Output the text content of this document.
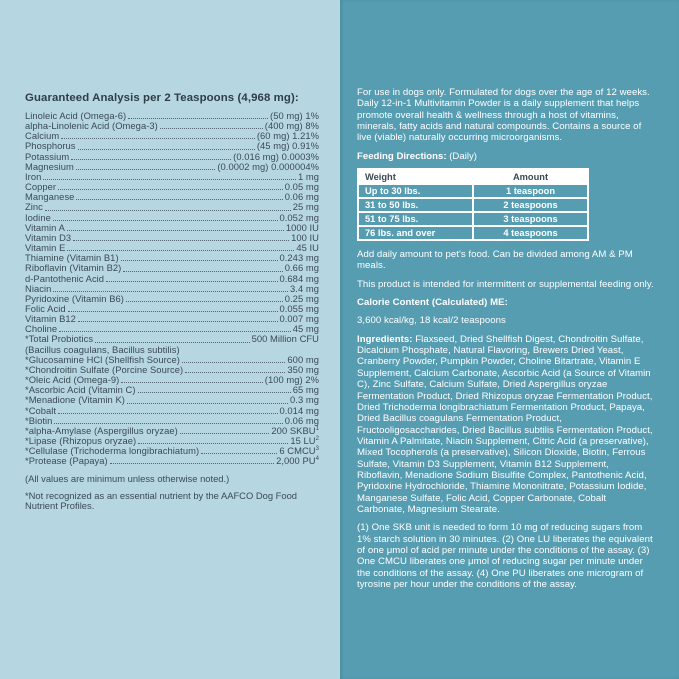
Guaranteed Analysis per 2 Teaspoons (4,968 mg):
Linoleic Acid (Omega-6)	(50 mg) 1%
alpha-Linolenic Acid (Omega-3)	(400 mg) 8%
Calcium	(60 mg) 1.21%
Phosphorus	(45 mg) 0.91%
Potassium	(0.016 mg) 0.0003%
Magnesium	(0.0002 mg) 0.000004%
Iron	1 mg
Copper	0.05 mg
Manganese	0.06 mg
Zinc	25 mg
Iodine	0.052 mg
Vitamin A	1000 IU
Vitamin D3	100 IU
Vitamin E	45 IU
Thiamine (Vitamin B1)	0.243 mg
Riboflavin (Vitamin B2)	0.66 mg
d-Pantothenic Acid	0.684 mg
Niacin	3.4 mg
Pyridoxine (Vitamin B6)	0.25 mg
Folic Acid	0.055 mg
Vitamin B12	0.007 mg
Choline	45 mg
*Total Probiotics	500 Million CFU
(Bacillus coagulans, Bacillus subtilis)
*Glucosamine HCl (Shellfish Source)	600 mg
*Chondroitin Sulfate (Porcine Source)	350 mg
*Oleic Acid (Omega-9)	(100 mg) 2%
*Ascorbic Acid (Vitamin C)	65 mg
*Menadione (Vitamin K)	0.3 mg
*Cobalt	0.014 mg
*Biotin	0.06 mg
*alpha-Amylase (Aspergillus oryzae)	200 SKBU$^1$
*Lipase (Rhizopus oryzae)	15 $LU^2$
*Cellulase (Trichoderma longibrachiatum)	6 CMCU$^3$
*Protease (Papaya)	2,000 $PU^4$
(All values are minimum unless otherwise noted.)
*Not recognized as an essential nutrient by the AAFCO Dog Food Nutrient Profiles.

For use in dogs only. Formulated for dogs over the age of 12 weeks. Daily 12-in-1 Multivitamin Powder is a daily supplement that helps promote overall health & wellness through a host of vitamins, minerals, fatty acids and natural compounds. Contains a source of live (viable) naturally occurring microorganisms.

Feeding Directions: (Daily)
Weight	Amount
Up to 30 lbs.	1 teaspoon
31 to 50 lbs.	2 teaspoons
51 to 75 lbs.	3 teaspoons
76 lbs. and over	4 teaspoons

Add daily amount to pet's food. Can be divided among AM & PM meals.

This product is intended for intermittent or supplemental feeding only.

Calorie Content (Calculated) ME:

3,600 kcal/kg, 18 kcal/2 teaspoons

Ingredients: Flaxseed, Dried Shellfish Digest, Chondroitin Sulfate, Dicalcium Phosphate, Natural Flavoring, Brewers Dried Yeast, Cranberry Powder, Pumpkin Powder, Choline Bitartrate, Vitamin E Supplement, Calcium Carbonate, Ascorbic Acid (a Source of Vitamin C), Zinc Sulfate, Calcium Sulfate, Dried Aspergillus oryzae Fermentation Product, Dried Rhizopus oryzae Fermentation Product, Dried Trichoderma longibrachiatum Fermentation Product, Papaya, Dried Bacillus coagulans Fermentation Product, Fructooligosaccharides, Dried Bacillus subtilis Fermentation Product, Vitamin A Palmitate, Niacin Supplement, Citric Acid (a preservative), Mixed Tocopherols (a preservative), Silicon Dioxide, Biotin, Ferrous Sulfate, Vitamin D3 Supplement, Vitamin B12 Supplement, Riboflavin, Menadione Sodium Bisulfite Complex, Pantothenic Acid, Pyridoxine Hydrochloride, Thiamine Mononitrate, Potassium Iodide, Manganese Sulfate, Folic Acid, Copper Carbonate, Cobalt Carbonate, Magnesium Stearate.

(1) One SKB unit is needed to form 10 mg of reducing sugars from 1% starch solution in 30 minutes. (2) One LU liberates the equivalent of one μmol of acid per minute under the conditions of the assay. (3) One CMCU liberates one μmol of reducing sugar per minute under the conditions of the assay. (4) One PU liberates one microgram of tyrosine per hour under the conditions of the assay.
